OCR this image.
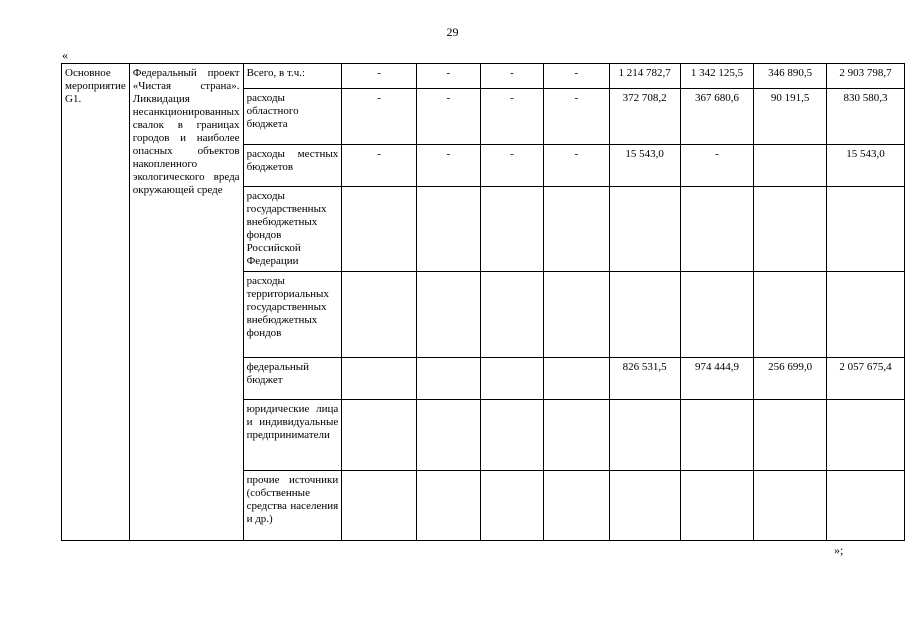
29
«
Основное мероприятие G1.	Федеральный проект «Чистая страна». Ликвидация несанкционированных свалок в границах городов и наиболее опасных объектов накопленного экологического вреда окружающей среде	Всего, в т.ч.:	-	-	-	-	1 214 782,7	1 342 125,5	346 890,5	2 903 798,7
		расходы областного бюджета	-	-	-	-	372 708,2	367 680,6	90 191,5	830 580,3
		расходы местных бюджетов	-	-	-	-	15 543,0	-		15 543,0
		расходы государственных внебюджетных фондов Российской Федерации								
		расходы территориальных государственных внебюджетных фондов								
		федеральный бюджет					826 531,5	974 444,9	256 699,0	2 057 675,4
		юридические лица и индивидуальные предприниматели								
		прочие источники (собственные средства населения и др.)								
»;
